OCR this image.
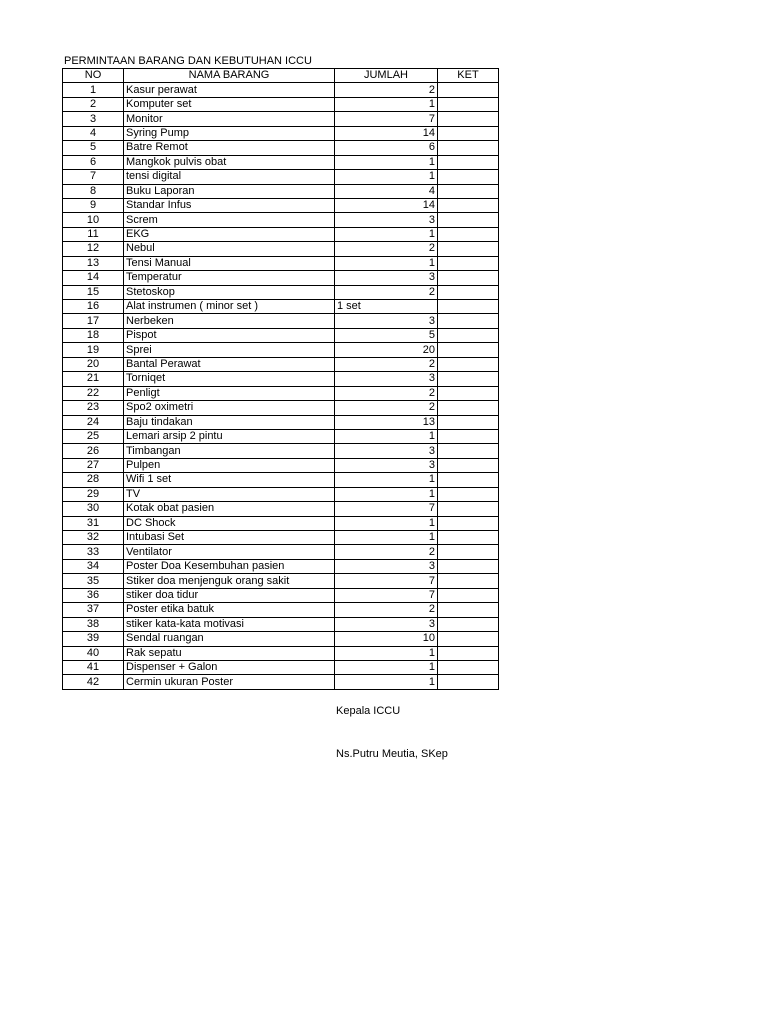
PERMINTAAN BARANG DAN KEBUTUHAN ICCU
NO	NAMA BARANG	JUMLAH	KET
1	Kasur perawat	2	
2	Komputer set	1	
3	Monitor	7	
4	Syring Pump	14	
5	Batre Remot	6	
6	Mangkok pulvis obat	1	
7	tensi digital	1	
8	Buku Laporan	4	
9	Standar Infus	14	
10	Screm	3	
11	EKG	1	
12	Nebul	2	
13	Tensi Manual	1	
14	Temperatur	3	
15	Stetoskop	2	
16	Alat instrumen ( minor set )	1 set	
17	Nerbeken	3	
18	Pispot	5	
19	Sprei	20	
20	Bantal Perawat	2	
21	Torniqet	3	
22	Penligt	2	
23	Spo2 oximetri	2	
24	Baju tindakan	13	
25	Lemari arsip 2 pintu	1	
26	Timbangan	3	
27	Pulpen	3	
28	Wifi 1 set	1	
29	TV	1	
30	Kotak obat pasien	7	
31	DC Shock	1	
32	Intubasi Set	1	
33	Ventilator	2	
34	Poster Doa Kesembuhan pasien	3	
35	Stiker doa menjenguk orang sakit	7	
36	stiker doa tidur	7	
37	Poster etika batuk	2	
38	stiker kata-kata motivasi	3	
39	Sendal ruangan	10	
40	Rak sepatu	1	
41	Dispenser + Galon	1	
42	Cermin ukuran Poster	1	
Kepala ICCU
Ns.Putru Meutia, SKep
